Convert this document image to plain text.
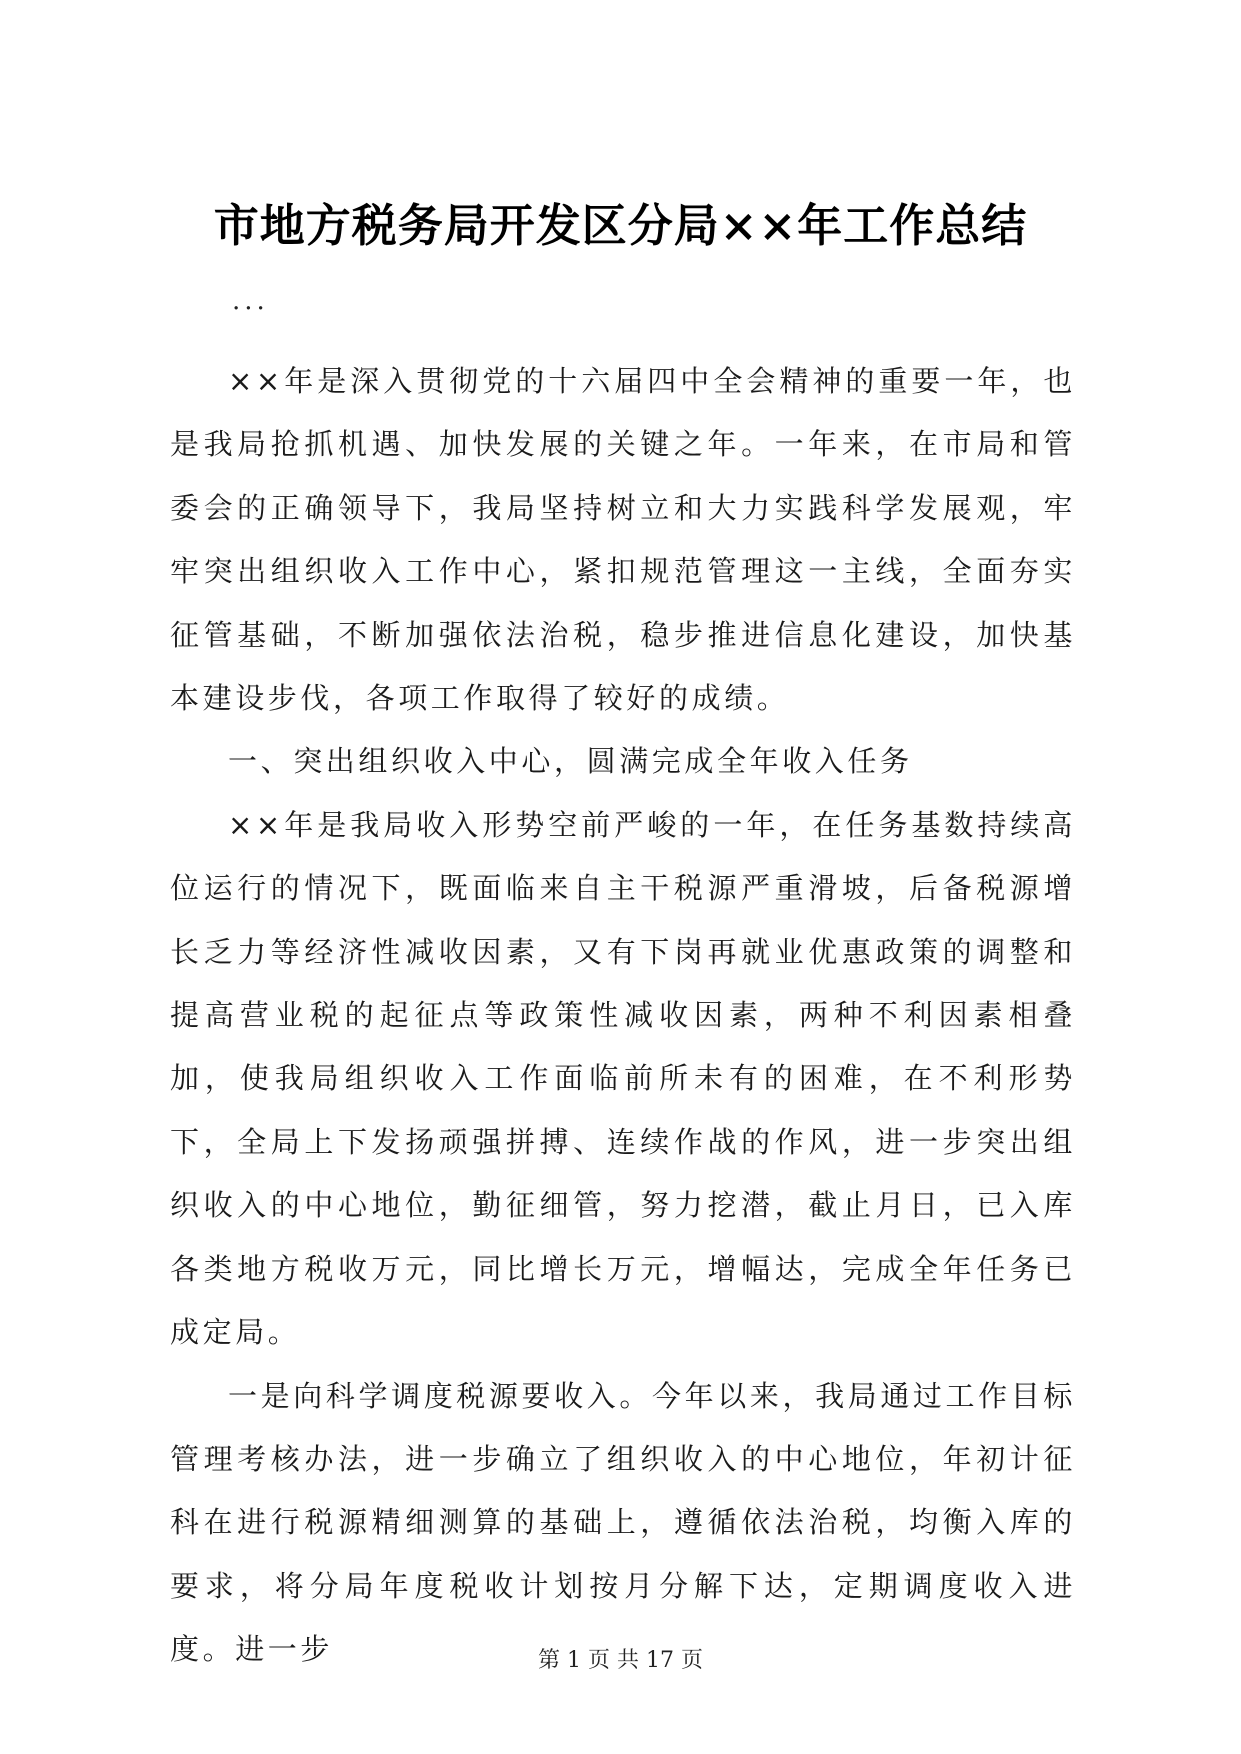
市地方税务局开发区分局××年工作总结
...

××年是深入贯彻党的十六届四中全会精神的重要一年，也是我局抢抓机遇、加快发展的关键之年。一年来，在市局和管委会的正确领导下，我局坚持树立和大力实践科学发展观，牢牢突出组织收入工作中心，紧扣规范管理这一主线，全面夯实征管基础，不断加强依法治税，稳步推进信息化建设，加快基本建设步伐，各项工作取得了较好的成绩。

一、突出组织收入中心，圆满完成全年收入任务

××年是我局收入形势空前严峻的一年，在任务基数持续高位运行的情况下，既面临来自主干税源严重滑坡，后备税源增长乏力等经济性减收因素，又有下岗再就业优惠政策的调整和提高营业税的起征点等政策性减收因素，两种不利因素相叠加，使我局组织收入工作面临前所未有的困难，在不利形势下，全局上下发扬顽强拼搏、连续作战的作风，进一步突出组织收入的中心地位，勤征细管，努力挖潜，截止月日，已入库各类地方税收万元，同比增长万元，增幅达，完成全年任务已成定局。

一是向科学调度税源要收入。今年以来，我局通过工作目标管理考核办法，进一步确立了组织收入的中心地位，年初计征科在进行税源精细测算的基础上，遵循依法治税，均衡入库的要求，将分局年度税收计划按月分解下达，定期调度收入进度。进一步	第 1 页 共 17 页
